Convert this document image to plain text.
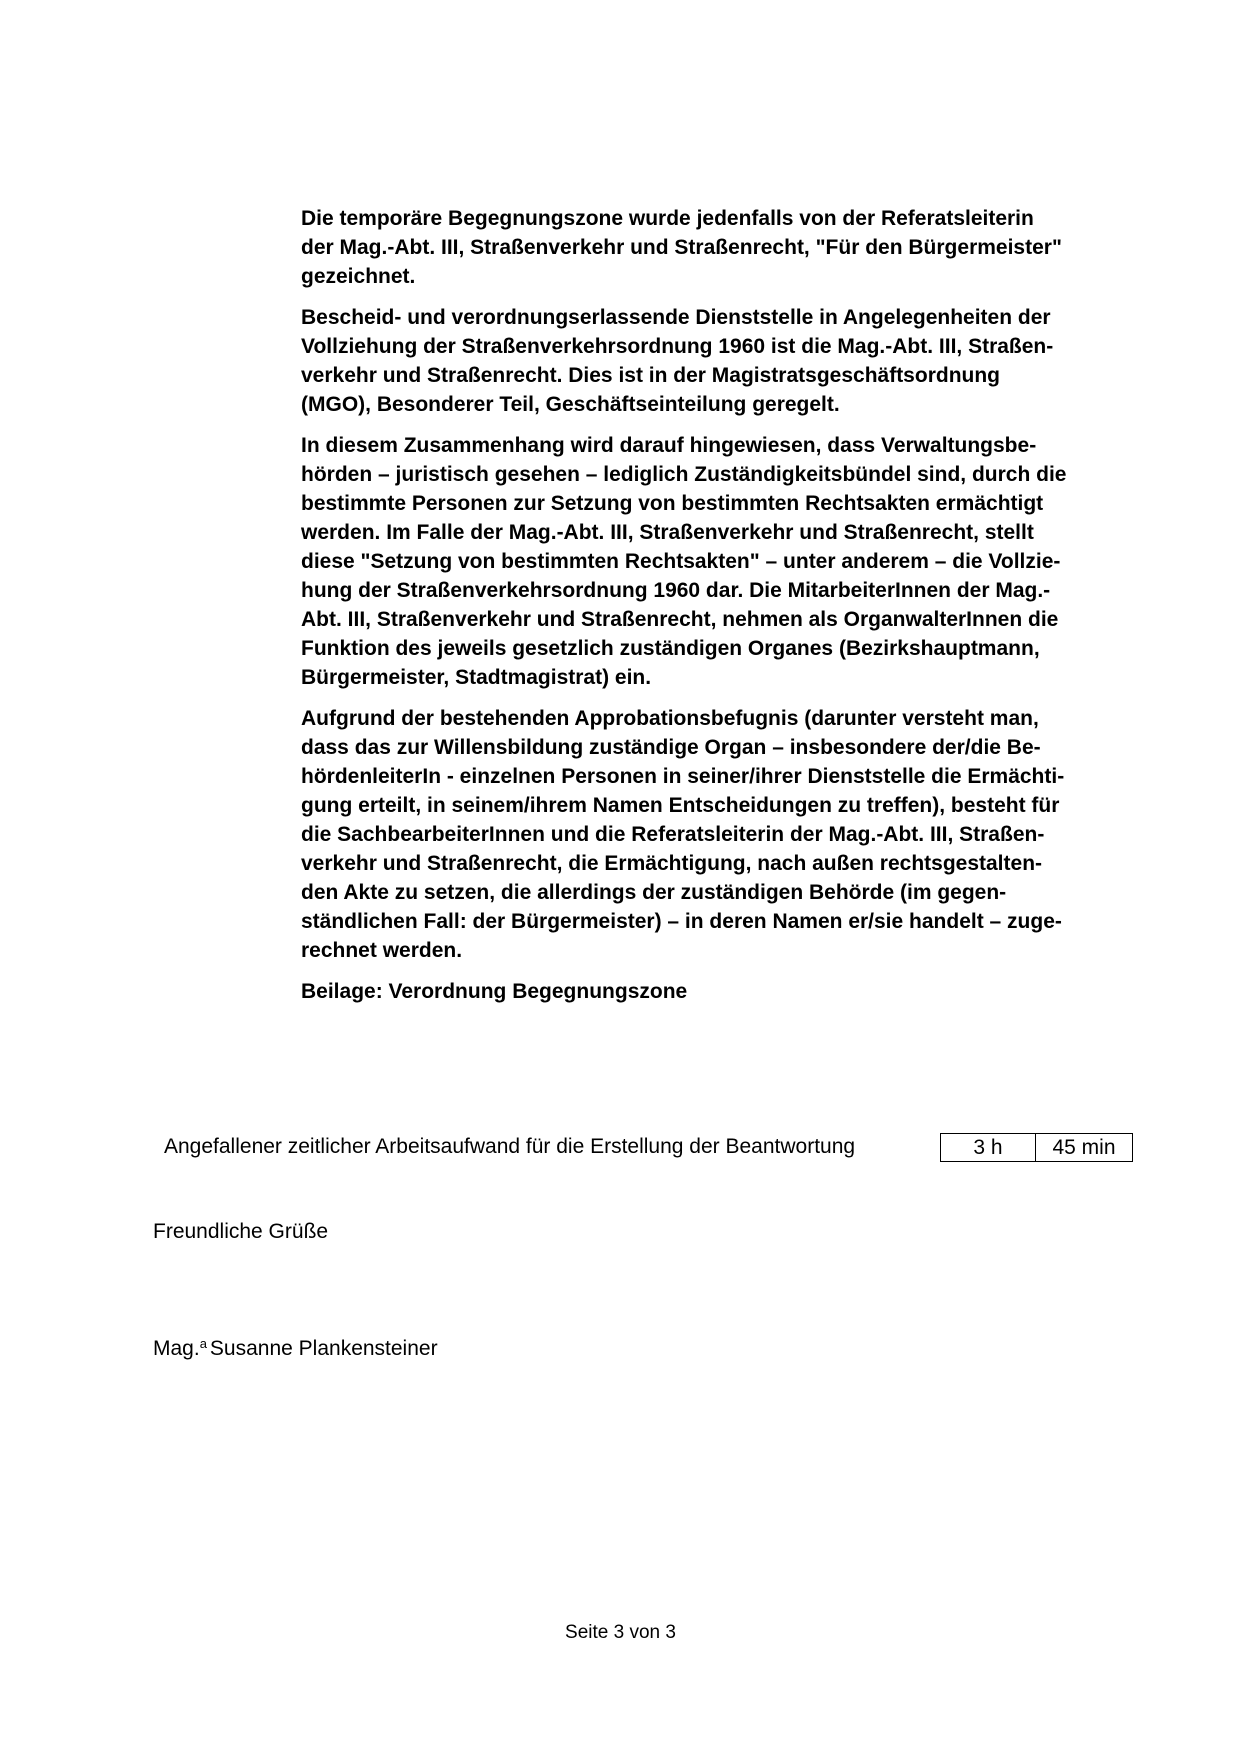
Die temporäre Begegnungszone wurde jedenfalls von der Referatsleiterin
der Mag.-Abt. III, Straßenverkehr und Straßenrecht, "Für den Bürgermeister"
gezeichnet.

Bescheid- und verordnungserlassende Dienststelle in Angelegenheiten der
Vollziehung der Straßenverkehrsordnung 1960 ist die Mag.-Abt. III, Straßen-
verkehr und Straßenrecht. Dies ist in der Magistratsgeschäftsordnung
(MGO), Besonderer Teil, Geschäftseinteilung geregelt.

In diesem Zusammenhang wird darauf hingewiesen, dass Verwaltungsbe-
hörden – juristisch gesehen – lediglich Zuständigkeitsbündel sind, durch die
bestimmte Personen zur Setzung von bestimmten Rechtsakten ermächtigt
werden. Im Falle der Mag.-Abt. III, Straßenverkehr und Straßenrecht, stellt
diese "Setzung von bestimmten Rechtsakten" – unter anderem – die Vollzie-
hung der Straßenverkehrsordnung 1960 dar. Die MitarbeiterInnen der Mag.-
Abt. III, Straßenverkehr und Straßenrecht, nehmen als OrganwalterInnen die
Funktion des jeweils gesetzlich zuständigen Organes (Bezirkshauptmann,
Bürgermeister, Stadtmagistrat) ein.

Aufgrund der bestehenden Approbationsbefugnis (darunter versteht man,
dass das zur Willensbildung zuständige Organ – insbesondere der/die Be-
hördenleiterIn - einzelnen Personen in seiner/ihrer Dienststelle die Ermächti-
gung erteilt, in seinem/ihrem Namen Entscheidungen zu treffen), besteht für
die SachbearbeiterInnen und die Referatsleiterin der Mag.-Abt. III, Straßen-
verkehr und Straßenrecht, die Ermächtigung, nach außen rechtsgestalten-
den Akte zu setzen, die allerdings der zuständigen Behörde (im gegen-
ständlichen Fall: der Bürgermeister) – in deren Namen er/sie handelt – zuge-
rechnet werden.

Beilage: Verordnung Begegnungszone

Angefallener zeitlicher Arbeitsaufwand für die Erstellung der Beantwortung	3 h	45 min
Freundliche Grüße
Mag.$^a$ Susanne Plankensteiner
Seite 3 von 3
